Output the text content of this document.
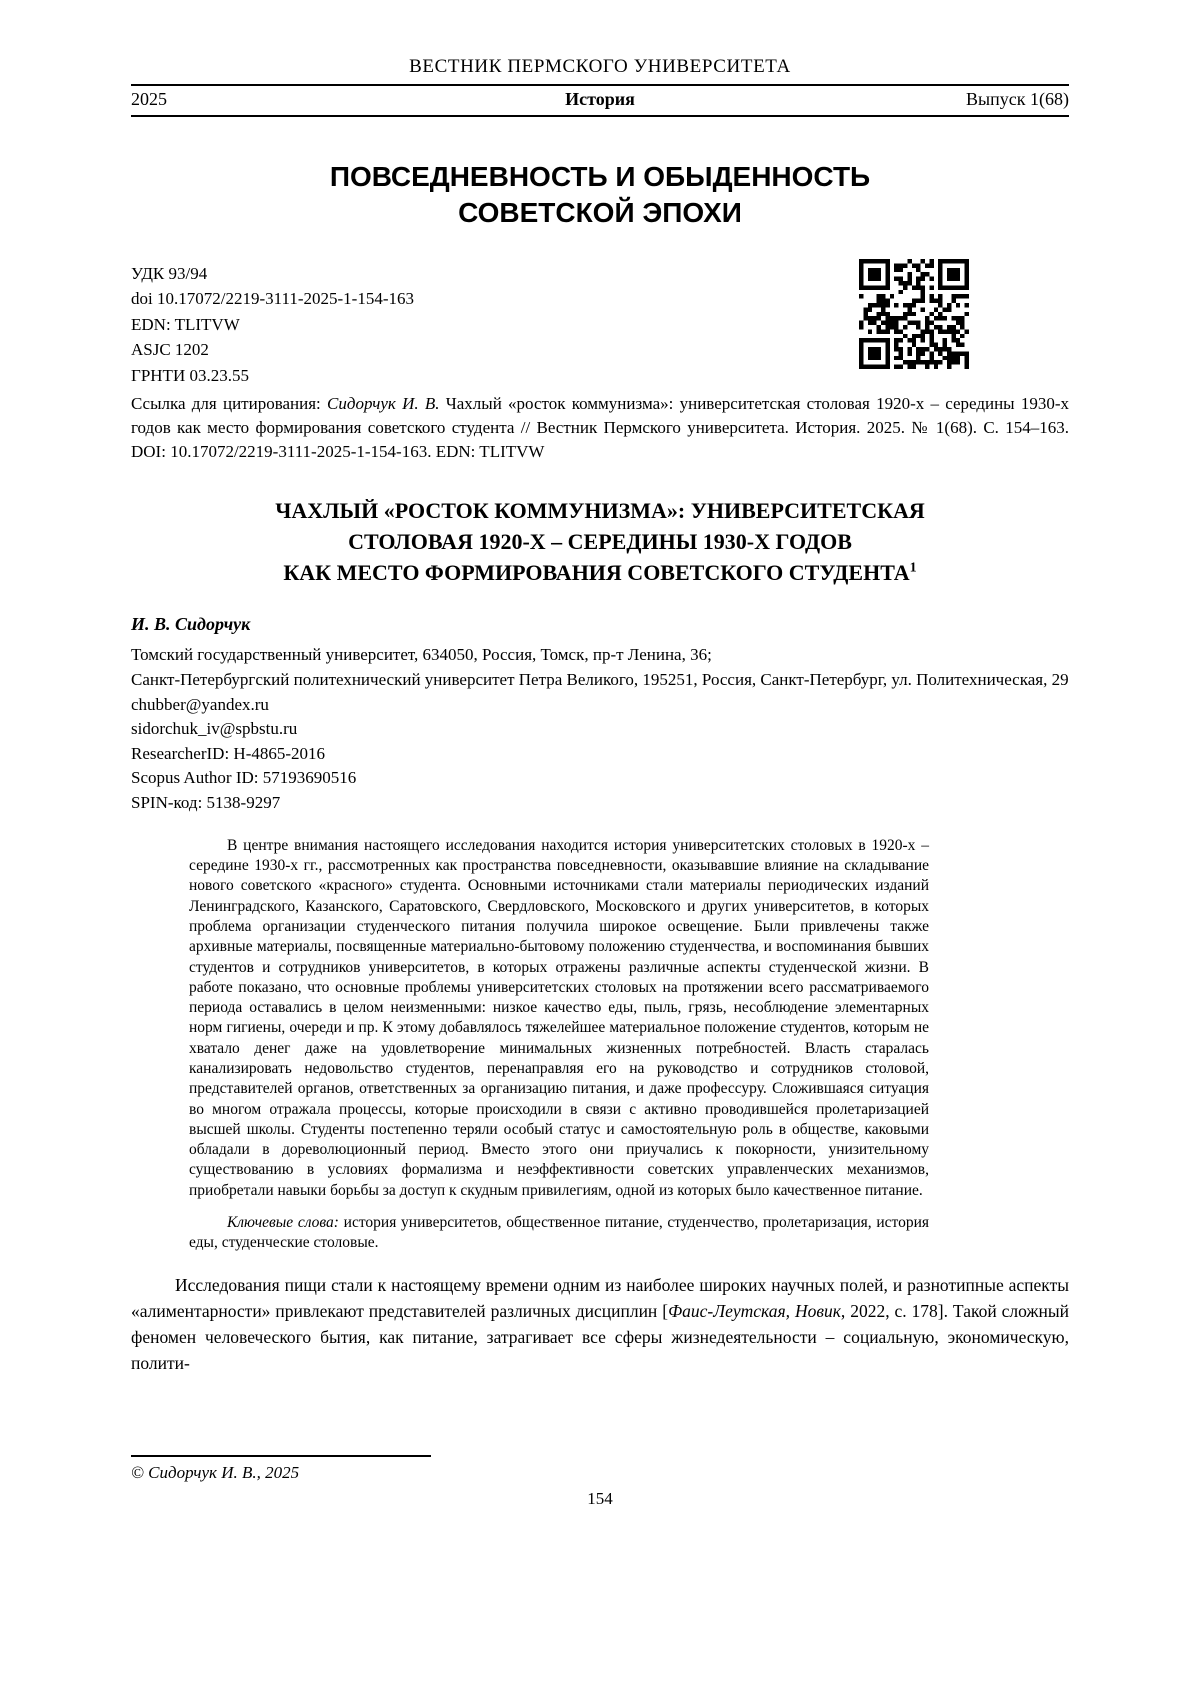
ВЕСТНИК ПЕРМСКОГО УНИВЕРСИТЕТА
2025	История	Выпуск 1(68)
ПОВСЕДНЕВНОСТЬ И ОБЫДЕННОСТЬ
СОВЕТСКОЙ ЭПОХИ
УДК 93/94
doi 10.17072/2219-3111-2025-1-154-163
EDN: TLITVW
ASJC 1202
ГРНТИ 03.23.55

Ссылка для цитирования: Сидорчук И. В. Чахлый «росток коммунизма»: университетская столовая 1920-х – середины 1930-х годов как место формирования советского студента // Вестник Пермского университета. История. 2025. № 1(68). С. 154–163. DOI: 10.17072/2219-3111-2025-1-154-163. EDN: TLITVW

ЧАХЛЫЙ «РОСТОК КОММУНИЗМА»: УНИВЕРСИТЕТСКАЯ
СТОЛОВАЯ 1920-Х – СЕРЕДИНЫ 1930-Х ГОДОВ
КАК МЕСТО ФОРМИРОВАНИЯ СОВЕТСКОГО СТУДЕНТА$^1$
И. В. Сидорчук
Томский государственный университет, 634050, Россия, Томск, пр-т Ленина, 36;
Санкт-Петербургский политехнический университет Петра Великого, 195251, Россия, Санкт-Петербург, ул. Политехническая, 29
chubber@yandex.ru
sidorchuk_iv@spbstu.ru
ResearcherID: H-4865-2016
Scopus Author ID: 57193690516
SPIN-код: 5138-9297

В центре внимания настоящего исследования находится история университетских столовых в 1920-х – середине 1930-х гг., рассмотренных как пространства повседневности, оказывавшие влияние на складывание нового советского «красного» студента. Основными источниками стали материалы периодических изданий Ленинградского, Казанского, Саратовского, Свердловского, Московского и других университетов, в которых проблема организации студенческого питания получила широкое освещение. Были привлечены также архивные материалы, посвященные материально-бытовому положению студенчества, и воспоминания бывших студентов и сотрудников университетов, в которых отражены различные аспекты студенческой жизни. В работе показано, что основные проблемы университетских столовых на протяжении всего рассматриваемого периода оставались в целом неизменными: низкое качество еды, пыль, грязь, несоблюдение элементарных норм гигиены, очереди и пр. К этому добавлялось тяжелейшее материальное положение студентов, которым не хватало денег даже на удовлетворение минимальных жизненных потребностей. Власть старалась канализировать недовольство студентов, перенаправляя его на руководство и сотрудников столовой, представителей органов, ответственных за организацию питания, и даже профессуру. Сложившаяся ситуация во многом отражала процессы, которые происходили в связи с активно проводившейся пролетаризацией высшей школы. Студенты постепенно теряли особый статус и самостоятельную роль в обществе, каковыми обладали в дореволюционный период. Вместо этого они приучались к покорности, унизительному существованию в условиях формализма и неэффективности советских управленческих механизмов, приобретали навыки борьбы за доступ к скудным привилегиям, одной из которых было качественное питание.

Ключевые слова: история университетов, общественное питание, студенчество, пролетаризация, история еды, студенческие столовые.

Исследования пищи стали к настоящему времени одним из наиболее широких научных полей, и разнотипные аспекты «алиментарности» привлекают представителей различных дисциплин [Фаис-Леутская, Новик, 2022, с. 178]. Такой сложный феномен человеческого бытия, как питание, затрагивает все сферы жизнедеятельности – социальную, экономическую, полити-

© Сидорчук И. В., 2025
154
